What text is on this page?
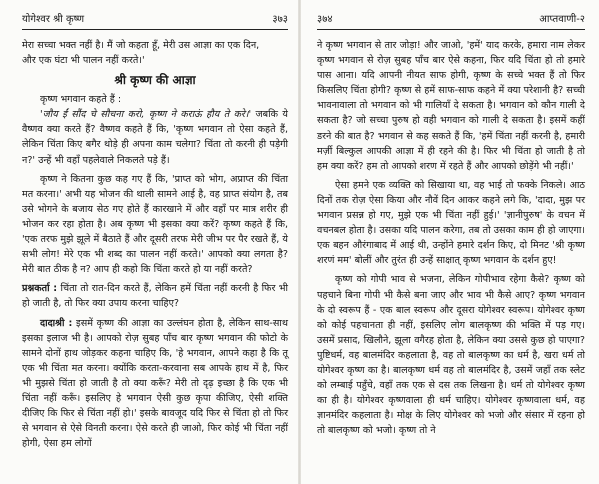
योगेश्वर श्री कृष्ण	३७३

मेरा सच्चा भक्त नहीं है। मैं जो कहता हूँ, मेरी उस आज्ञा का एक दिन,

और एक घंटा भी पालन नहीं करते।'

श्री कृष्ण की आज्ञा

कृष्ण भगवान कहते हैं :

'जौय ईं सौंद चे सौचना करो, कृष्ण ने कराऊं हौय ते करे।' जबकि ये वैष्णव क्या करते हैं? वैष्णव कहते हैं कि, 'कृष्ण भगवान तो ऐसा कहते हैं, लेकिन चिंता किए बगैर थोड़े ही अपना काम चलेगा? चिंता तो करनी ही पड़ेगी न?' उन्हें भी वहाँ पहलेवाले निकलते पड़े हैं।

कृष्ण ने कितना कुछ कह गए हैं कि, 'प्राप्त को भोग, अप्राप्त की चिंता मत करना।' अभी यह भोजन की थाली सामने आई है, वह प्राप्त संयोग है, तब उसे भोगने के बजाय सेठ गए होते हैं कारखाने में और वहाँ पर मात्र शरीर ही भोजन कर रहा होता है। अब कृष्ण भी इसका क्या करें? कृष्ण कहते हैं कि, 'एक तरफ मुझे झूले में बैठाते हैं और दूसरी तरफ मेरी जीभ पर पैर रखते हैं, ये सभी लोग! मेरे एक भी शब्द का पालन नहीं करते।' आपको क्या लगता है? मेरी बात ठीक है न? आप ही कहो कि चिंता करते हो या नहीं करते?

प्रश्नकर्ता : चिंता तो रात-दिन करते हैं, लेकिन हमें चिंता नहीं करनी है फिर भी हो जाती है, तो फिर क्या उपाय करना चाहिए?

दादाश्री : इसमें कृष्ण की आज्ञा का उल्लंघन होता है, लेकिन साथ-साथ इसका इलाज भी है। आपको रोज़ सुबह पाँच बार कृष्ण भगवान की फोटो के सामने दोनों हाथ जोड़कर कहना चाहिए कि, 'हे भगवान, आपने कहा है कि तू एक भी चिंता मत करना। क्योंकि करता-करवाना सब आपके हाथ में है, फिर भी मुझसे चिंता हो जाती है तो क्या करूँ? मेरी तो दृढ़ इच्छा है कि एक भी चिंता नहीं करूँ। इसलिए हे भगवान ऐसी कुछ कृपा कीजिए, ऐसी शक्ति दीजिए कि फिर से चिंता नहीं हो।' इसके बावजूद यदि फिर से चिंता हो तो फिर से भगवान से ऐसे विनती करना। ऐसे करते ही जाओ, फिर कोई भी चिंता नहीं होगी, ऐसा हम लोगों

३७४	आप्तवाणी-२

ने कृष्ण भगवान से तार जोड़ा! और जाओ, 'हमें' याद करके, हमारा नाम लेकर कृष्ण भगवान से रोज़ सुबह पाँच बार ऐसे कहना, फिर यदि चिंता हो तो हमारे पास आना। यदि आपनी नीयत साफ होगी, कृष्ण के सच्चे भक्त हैं तो फिर किसलिए चिंता होगी? कृष्ण से हमें साफ-साफ कहने में क्या परेशानी है? सच्ची भावनावाला तो भगवान को भी गालियाँ दे सकता है। भगवान को कौन गाली दे सकता है? जो सच्चा पुरुष हो वही भगवान को गाली दे सकता है। इसमें कहीं डरने की बात है? भगवान से कह सकते हैं कि, 'हमें चिंता नहीं करनी है, हमारी मर्ज़ी बिल्कुल आपकी आज्ञा में ही रहने की है। फिर भी चिंता हो जाती है तो हम क्या करें? हम तो आपको शरण में रहते हैं और आपको छोड़ेंगे भी नहीं।'

ऐसा हमने एक व्यक्ति को सिखाया था, वह भाई तो फक्के निकले। आठ दिनों तक रोज़ ऐसा किया और नौवें दिन आकर कहने लगे कि, 'दादा, मुझ पर भगवान प्रसन्न हो गए, मुझे एक भी चिंता नहीं हुई।' 'ज्ञानीपुरुष' के वचन में वचनबल होता है। उसका यदि पालन करेगा, तब तो उसका काम ही हो जाएगा। एक बहन औरंगाबाद में आई थी, उन्होंने हमारे दर्शन किए, दो मिनट 'श्री कृष्ण शरणं मम' बोलीं और तुरंत ही उन्हें साक्षात् कृष्ण भगवान के दर्शन हुए!

कृष्ण को गोपी भाव से भजना, लेकिन गोपीभाव रहेगा कैसे? कृष्ण को पहचाने बिना गोपी भी कैसे बना जाए और भाव भी कैसे आए? कृष्ण भगवान के दो स्वरूप हैं - एक बाल स्वरूप और दूसरा योगेश्वर स्वरूप। योगेश्वर कृष्ण को कोई पहचानता ही नहीं, इसलिए लोग बालकृष्ण की भक्ति में पड़ गए। उसमें प्रसाद, खिलौने, झूला वगैरह होता है, लेकिन क्या उससे कुछ हो पाएगा? पुष्टिधर्म, वह बालमंदिर कहलाता है, वह तो बालकृष्ण का धर्म है, खरा धर्म तो योगेश्वर कृष्ण का है। बालकृष्ण धर्म वह तो बालमंदिर है, उसमें जहाँ तक स्लेट को लम्बाई पहुँचे, वहाँ तक एक से दस तक लिखना है। धर्म तो योगेश्वर कृष्ण का ही है। योगेश्वर कृष्णवाला ही धर्म चाहिए। योगेश्वर कृष्णवाला धर्म, वह ज्ञानमंदिर कहलाता है। मोक्ष के लिए योगेश्वर को भजो और संसार में रहना हो तो बालकृष्ण को भजो। कृष्ण तो ने
